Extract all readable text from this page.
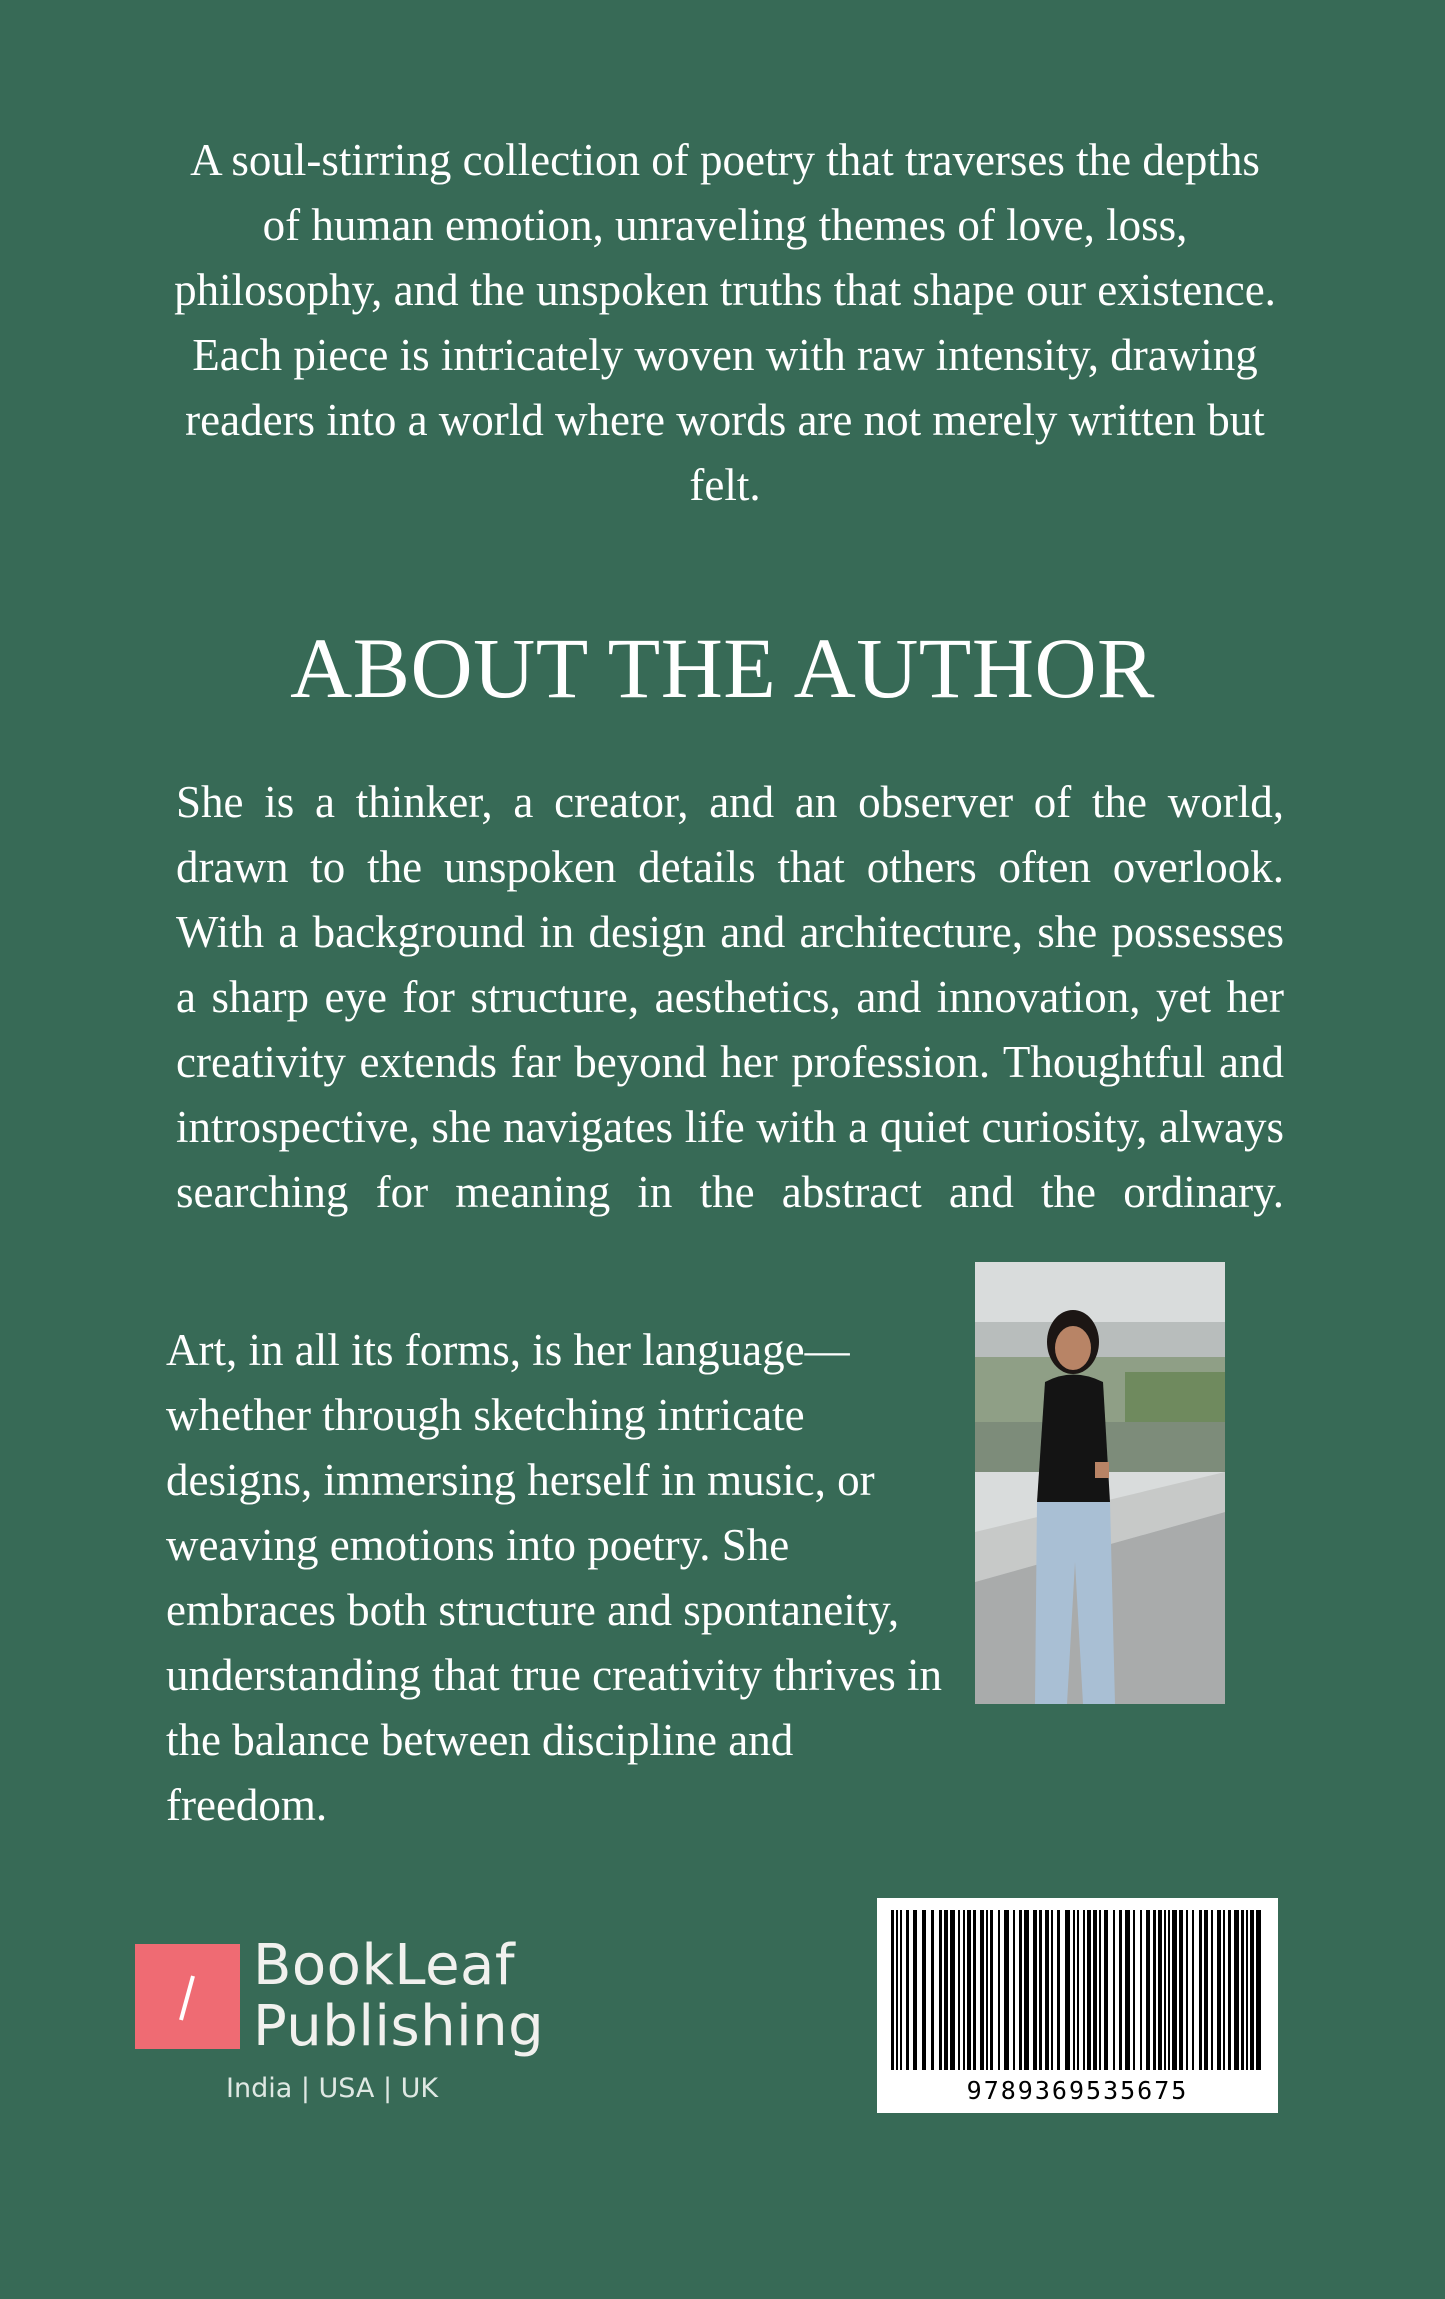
A soul-stirring collection of poetry that traverses the depths of human emotion, unraveling themes of love, loss, philosophy, and the unspoken truths that shape our existence. Each piece is intricately woven with raw intensity, drawing readers into a world where words are not merely written but felt.

ABOUT THE AUTHOR

She is a thinker, a creator, and an observer of the world, drawn to the unspoken details that others often overlook. With a background in design and architecture, she possesses a sharp eye for structure, aesthetics, and innovation, yet her creativity extends far beyond her profession. Thoughtful and introspective, she navigates life with a quiet curiosity, always searching for meaning in the abstract and the ordinary.

Art, in all its forms, is her language—whether through sketching intricate designs, immersing herself in music, or weaving emotions into poetry. She embraces both structure and spontaneity, understanding that true creativity thrives in the balance between discipline and freedom.

BookLeaf
Publishing
India | USA | UK	9789369535675
